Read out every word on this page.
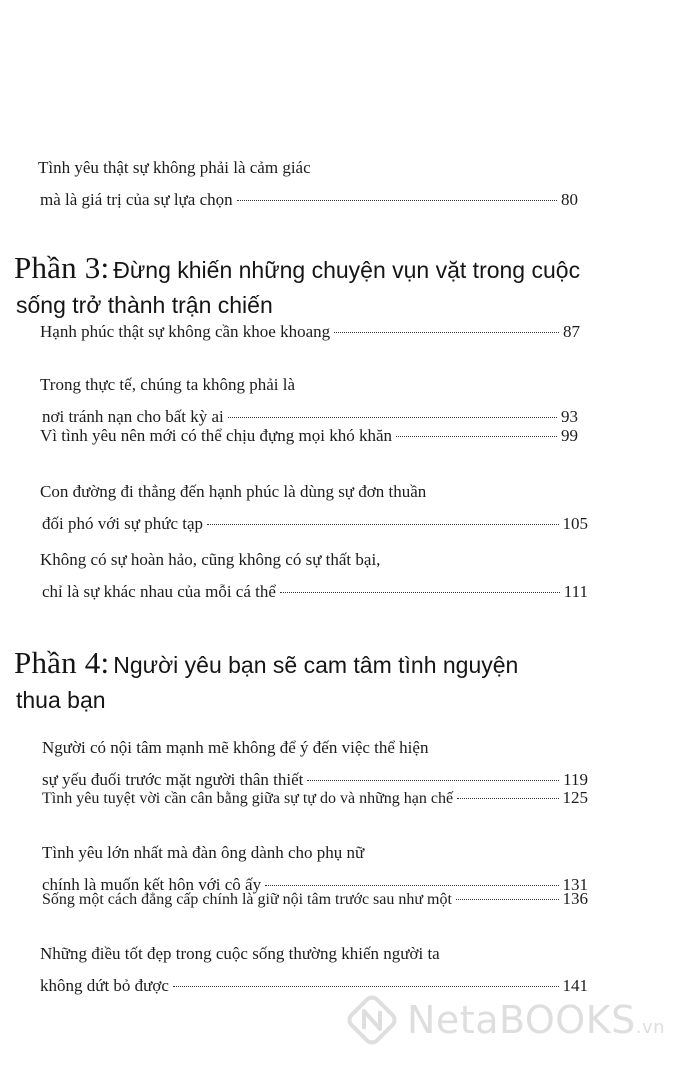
Tình yêu thật sự không phải là cảm giác
mà là giá trị của sự lựa chọn	80
Phần 3: Đừng khiến những chuyện vụn vặt trong cuộc
sống trở thành trận chiến
Hạnh phúc thật sự không cần khoe khoang	87
Trong thực tế, chúng ta không phải là
nơi tránh nạn cho bất kỳ ai	93
Vì tình yêu nên mới có thể chịu đựng mọi khó khăn	99
Con đường đi thẳng đến hạnh phúc là dùng sự đơn thuần
đối phó với sự phức tạp	105
Không có sự hoàn hảo, cũng không có sự thất bại,
chỉ là sự khác nhau của mỗi cá thể	111
Phần 4: Người yêu bạn sẽ cam tâm tình nguyện
thua bạn
Người có nội tâm mạnh mẽ không để ý đến việc thể hiện
sự yếu đuối trước mặt người thân thiết	119
Tình yêu tuyệt vời cần cân bằng giữa sự tự do và những hạn chế	125
Tình yêu lớn nhất mà đàn ông dành cho phụ nữ
chính là muốn kết hôn với cô ấy	131
Sống một cách đẳng cấp chính là giữ nội tâm trước sau như một	136
Những điều tốt đẹp trong cuộc sống thường khiến người ta
không dứt bỏ được	141
NetaBOOKS.vn
